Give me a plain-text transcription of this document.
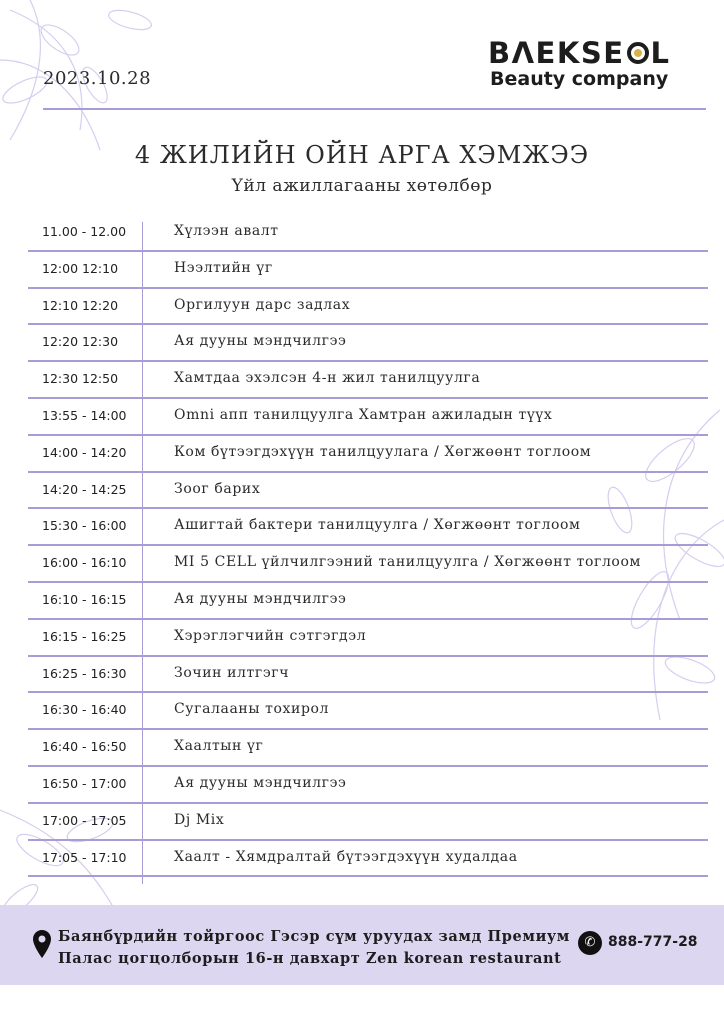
2023.10.28
BΛEKSE L
Beauty company
4 ЖИЛИЙН ОЙН АРГА ХЭМЖЭЭ
Үйл ажиллагааны хөтөлбөр
11.00 - 12.00	Хүлээн авалт
12:00 12:10	Нээлтийн үг
12:10 12:20	Оргилуун дарс задлах
12:20 12:30	Ая дууны мэндчилгээ
12:30 12:50	Хамтдаа эхэлсэн 4-н жил танилцуулга
13:55 - 14:00	Omni апп танилцуулга Хамтран ажиладын түүх
14:00 - 14:20	Ком бүтээгдэхүүн танилцуулага / Хөгжөөнт тоглоом
14:20 - 14:25	Зоог барих
15:30 - 16:00	Ашигтай бактери танилцуулга / Хөгжөөнт тоглоом
16:00 - 16:10	MI 5 CELL үйлчилгээний танилцуулга / Хөгжөөнт тоглоом
16:10 - 16:15	Ая дууны мэндчилгээ
16:15 - 16:25	Хэрэглэгчийн сэтгэгдэл
16:25 - 16:30	Зочин илтгэгч
16:30 - 16:40	Сугалааны тохирол
16:40 - 16:50	Хаалтын үг
16:50 - 17:00	Ая дууны мэндчилгээ
17:00 - 17:05	Dj Mix
17:05 - 17:10	Хаалт - Хямдралтай бүтээгдэхүүн худалдаа
Баянбүрдийн тойргоос Гэсэр сүм уруудах замд Премиум
Палас цогцолборын 16-н давхарт Zen korean restaurant
✆ 888-777-28
